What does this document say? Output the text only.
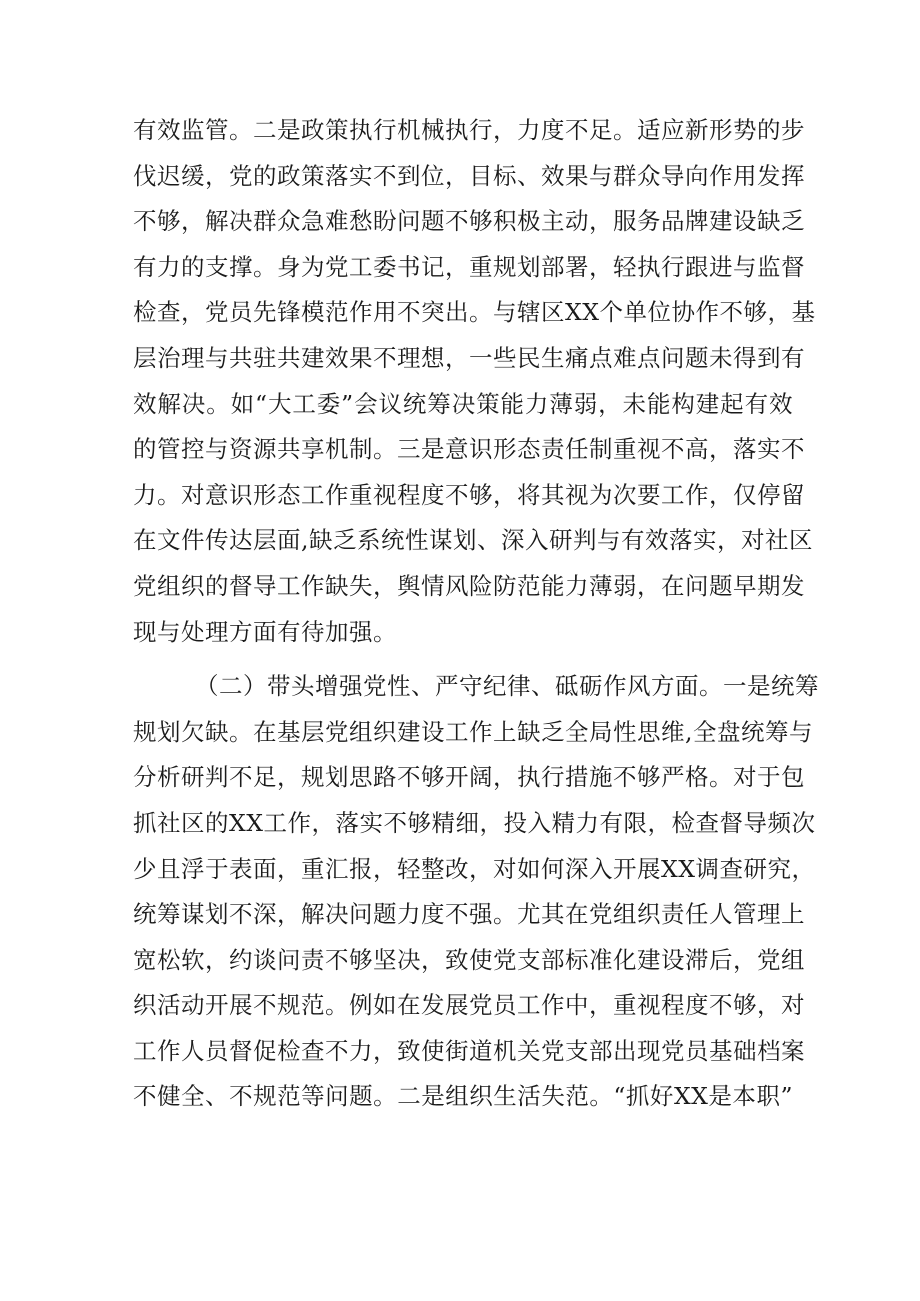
有效监管。二是政策执行机械执行，力度不足。适应新形势的步
伐迟缓，党的政策落实不到位，目标、效果与群众导向作用发挥
不够，解决群众急难愁盼问题不够积极主动，服务品牌建设缺乏
有力的支撑。身为党工委书记，重规划部署，轻执行跟进与监督
检查，党员先锋模范作用不突出。与辖区XX个单位协作不够，基
层治理与共驻共建效果不理想，一些民生痛点难点问题未得到有
效解决。如“大工委”会议统筹决策能力薄弱，未能构建起有效
的管控与资源共享机制。三是意识形态责任制重视不高，落实不
力。对意识形态工作重视程度不够，将其视为次要工作，仅停留
在文件传达层面,缺乏系统性谋划、深入研判与有效落实，对社区
党组织的督导工作缺失，舆情风险防范能力薄弱，在问题早期发
现与处理方面有待加强。
（二）带头增强党性、严守纪律、砥砺作风方面。一是统筹
规划欠缺。在基层党组织建设工作上缺乏全局性思维,全盘统筹与
分析研判不足，规划思路不够开阔，执行措施不够严格。对于包
抓社区的XX工作，落实不够精细，投入精力有限，检查督导频次
少且浮于表面，重汇报，轻整改，对如何深入开展XX调查研究，
统筹谋划不深，解决问题力度不强。尤其在党组织责任人管理上
宽松软，约谈问责不够坚决，致使党支部标准化建设滞后，党组
织活动开展不规范。例如在发展党员工作中，重视程度不够，对
工作人员督促检查不力，致使街道机关党支部出现党员基础档案
不健全、不规范等问题。二是组织生活失范。“抓好XX是本职”
